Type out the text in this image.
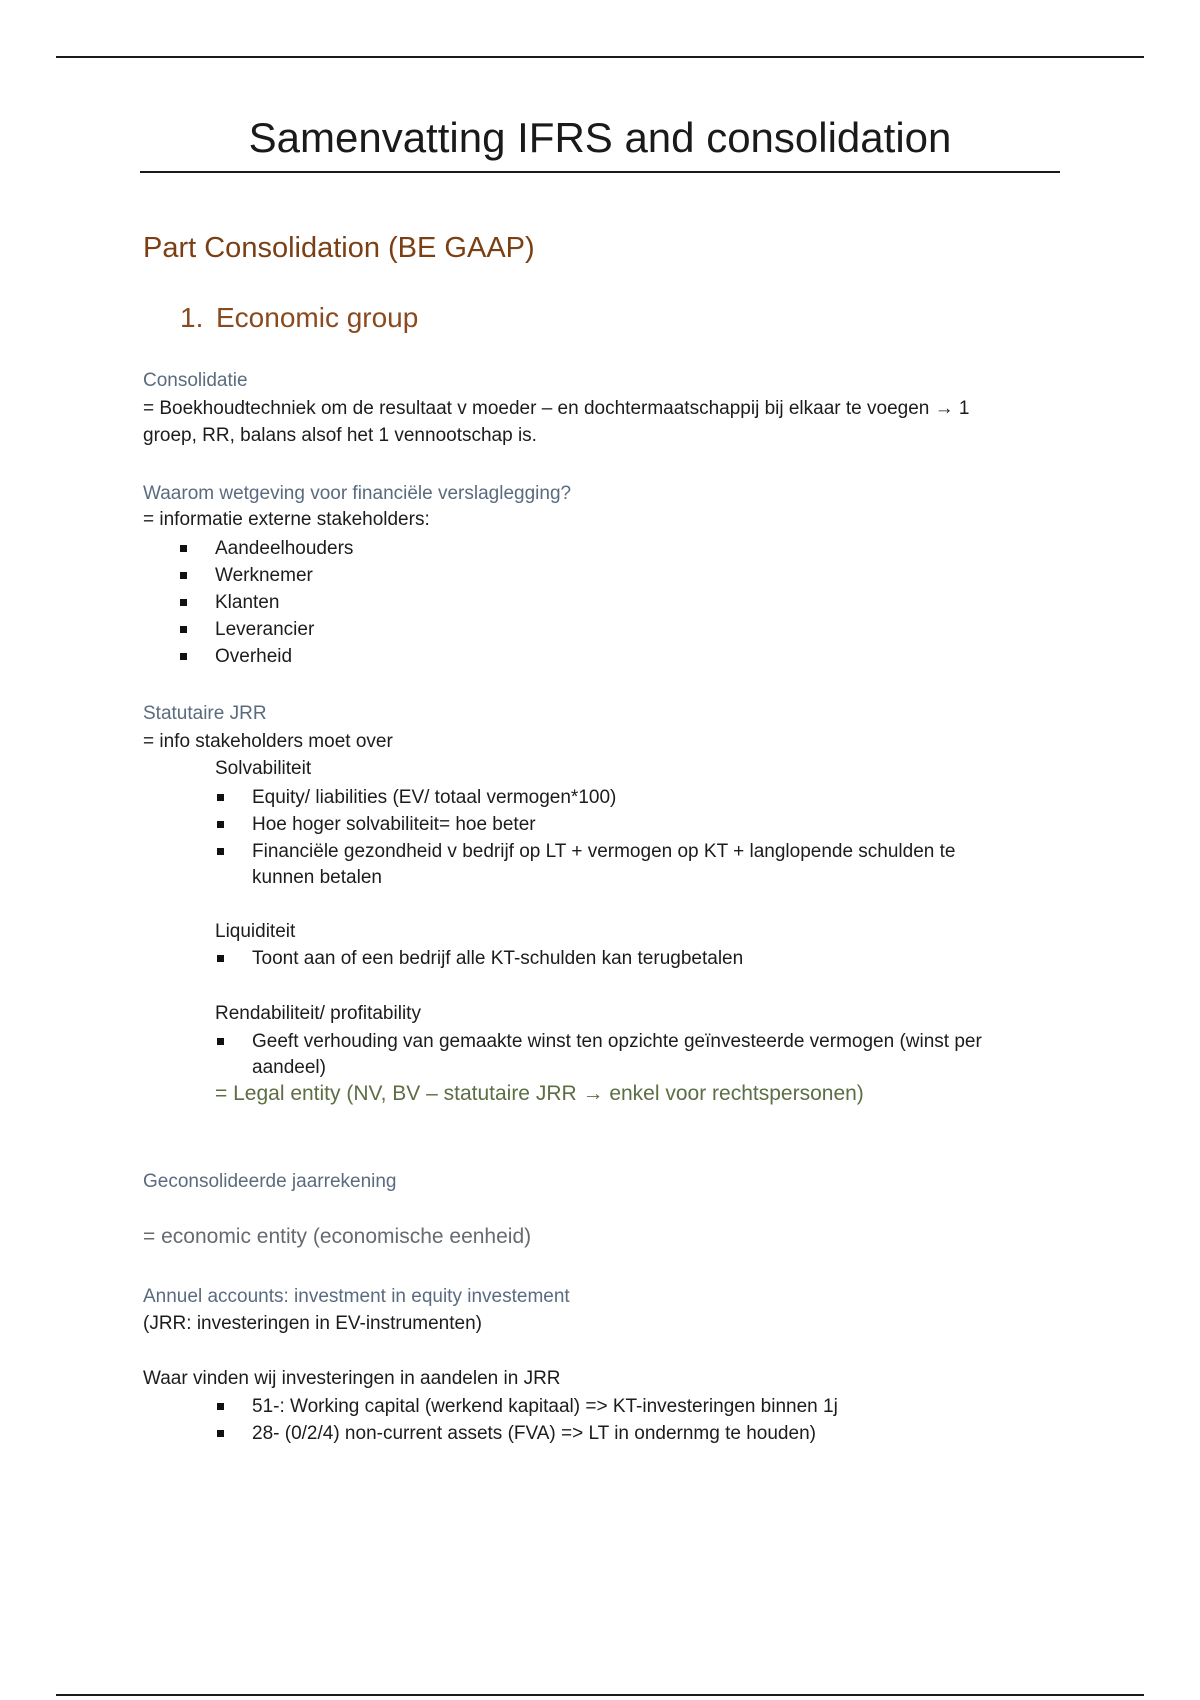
Samenvatting IFRS and consolidation
Part Consolidation (BE GAAP)
1. Economic group
Consolidatie
= Boekhoudtechniek om de resultaat v moeder – en dochtermaatschappij bij elkaar te voegen → 1
groep, RR, balans alsof het 1 vennootschap is.
Waarom wetgeving voor financiële verslaglegging?
= informatie externe stakeholders:
Aandeelhouders
Werknemer
Klanten
Leverancier
Overheid
Statutaire JRR
= info stakeholders moet over
Solvabiliteit
Equity/ liabilities (EV/ totaal vermogen*100)
Hoe hoger solvabiliteit= hoe beter
Financiële gezondheid v bedrijf op LT + vermogen op KT + langlopende schulden te
kunnen betalen
Liquiditeit
Toont aan of een bedrijf alle KT-schulden kan terugbetalen
Rendabiliteit/ profitability
Geeft verhouding van gemaakte winst ten opzichte geïnvesteerde vermogen (winst per
aandeel)
= Legal entity (NV, BV – statutaire JRR → enkel voor rechtspersonen)
Geconsolideerde jaarrekening
= economic entity (economische eenheid)
Annuel accounts: investment in equity investement
(JRR: investeringen in EV-instrumenten)
Waar vinden wij investeringen in aandelen in JRR
51-: Working capital (werkend kapitaal) => KT-investeringen binnen 1j
28- (0/2/4) non-current assets (FVA) => LT in ondernmg te houden)
